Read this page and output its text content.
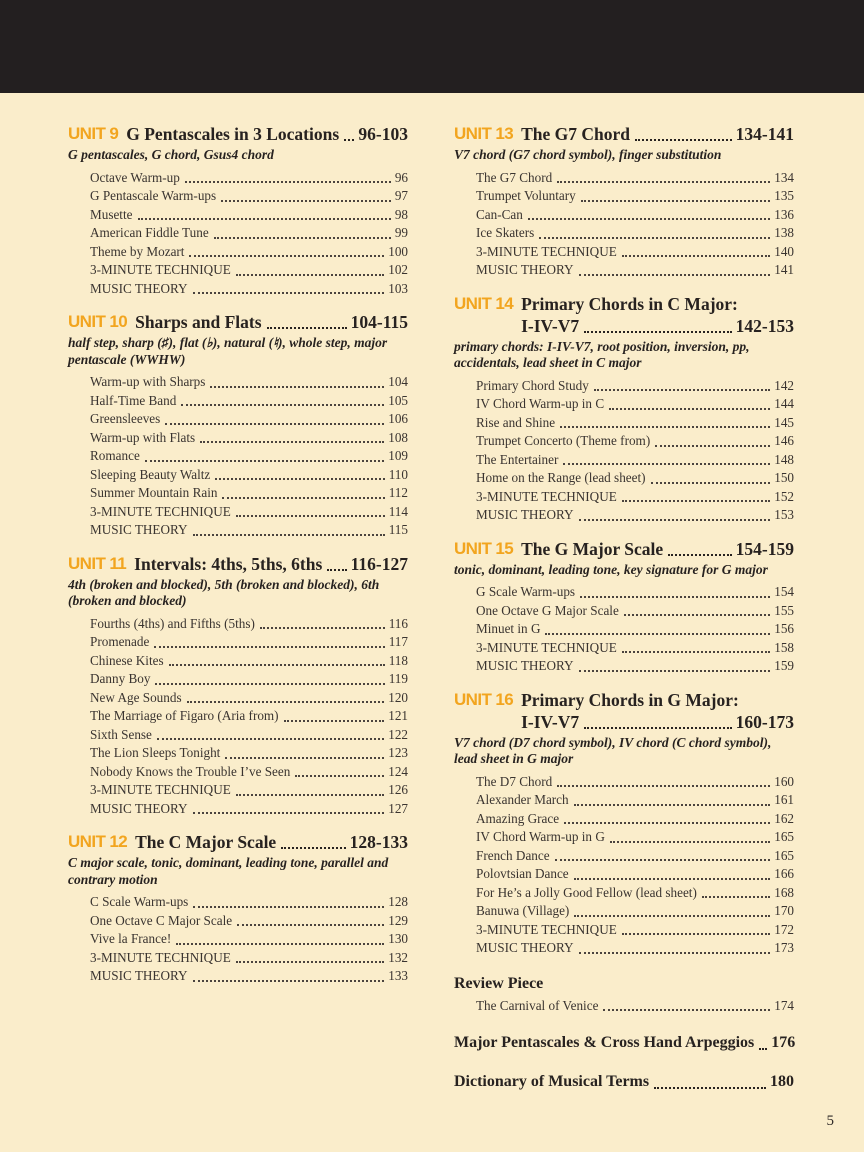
UNIT 9 G Pentascales in 3 Locations 96-103
G pentascales, G chord, Gsus4 chord
Octave Warm-up	96
G Pentascale Warm-ups	97
Musette	98
American Fiddle Tune	99
Theme by Mozart	100
3-MINUTE TECHNIQUE	102
MUSIC THEORY	103
UNIT 10 Sharps and Flats	104-115
half step, sharp (♯), flat (♭), natural (♮), whole step, major pentascale (WWHW)
Warm-up with Sharps	104
Half-Time Band	105
Greensleeves	106
Warm-up with Flats	108
Romance	109
Sleeping Beauty Waltz	110
Summer Mountain Rain	112
3-MINUTE TECHNIQUE	114
MUSIC THEORY	115
UNIT 11 Intervals: 4ths, 5ths, 6ths 116-127
4th (broken and blocked), 5th (broken and blocked), 6th (broken and blocked)
Fourths (4ths) and Fifths (5ths)	116
Promenade	117
Chinese Kites	118
Danny Boy	119
New Age Sounds	120
The Marriage of Figaro (Aria from)	121
Sixth Sense	122
The Lion Sleeps Tonight	123
Nobody Knows the Trouble I’ve Seen	124
3-MINUTE TECHNIQUE	126
MUSIC THEORY	127
UNIT 12 The C Major Scale	128-133
C major scale, tonic, dominant, leading tone, parallel and contrary motion
C Scale Warm-ups	128
One Octave C Major Scale	129
Vive la France!	130
3-MINUTE TECHNIQUE	132
MUSIC THEORY	133
UNIT 13 The G7 Chord	134-141
V7 chord (G7 chord symbol), finger substitution
The G7 Chord	134
Trumpet Voluntary	135
Can-Can	136
Ice Skaters	138
3-MINUTE TECHNIQUE	140
MUSIC THEORY	141
UNIT 14 Primary Chords in C Major:
I-IV-V7	142-153
primary chords: I-IV-V7, root position, inversion, pp, accidentals, lead sheet in C major
Primary Chord Study	142
IV Chord Warm-up in C	144
Rise and Shine	145
Trumpet Concerto (Theme from)	146
The Entertainer	148
Home on the Range (lead sheet)	150
3-MINUTE TECHNIQUE	152
MUSIC THEORY	153
UNIT 15 The G Major Scale	154-159
tonic, dominant, leading tone, key signature for G major
G Scale Warm-ups	154
One Octave G Major Scale	155
Minuet in G	156
3-MINUTE TECHNIQUE	158
MUSIC THEORY	159
UNIT 16 Primary Chords in G Major:
I-IV-V7	160-173
V7 chord (D7 chord symbol), IV chord (C chord symbol), lead sheet in G major
The D7 Chord	160
Alexander March	161
Amazing Grace	162
IV Chord Warm-up in G	165
French Dance	165
Polovtsian Dance	166
For He’s a Jolly Good Fellow (lead sheet)	168
Banuwa (Village)	170
3-MINUTE TECHNIQUE	172
MUSIC THEORY	173
Review Piece
The Carnival of Venice	174
Major Pentascales & Cross Hand Arpeggios 176
Dictionary of Musical Terms	180
5
